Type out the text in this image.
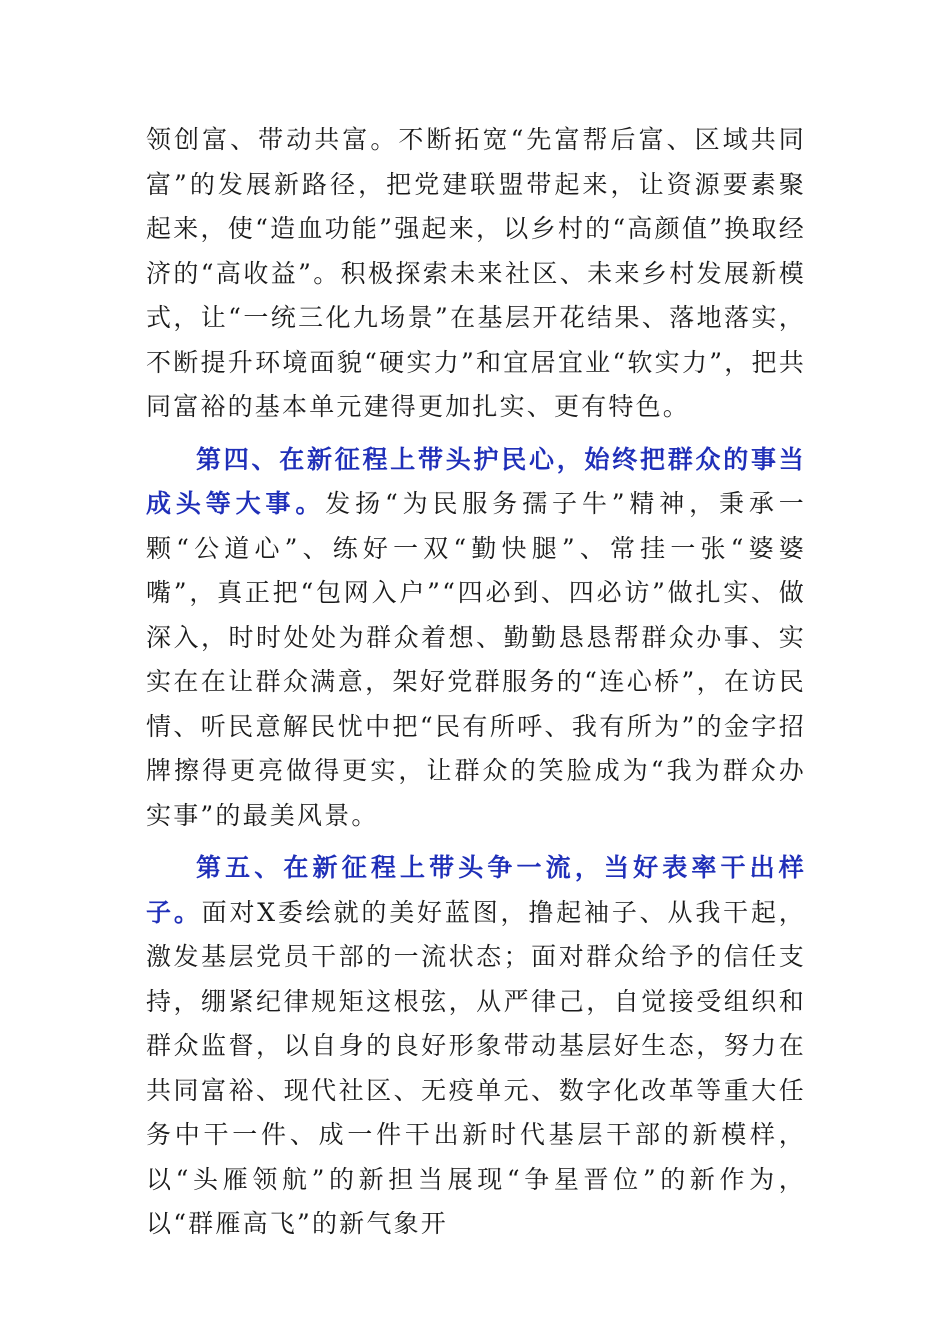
领创富、带动共富。不断拓宽“先富帮后富、区域共同富”的发展新路径，把党建联盟带起来，让资源要素聚起来，使“造血功能”强起来，以乡村的“高颜值”换取经济的“高收益”。积极探索未来社区、未来乡村发展新模式，让“一统三化九场景”在基层开花结果、落地落实，不断提升环境面貌“硬实力”和宜居宜业“软实力”，把共同富裕的基本单元建得更加扎实、更有特色。

第四、在新征程上带头护民心，始终把群众的事当成头等大事。发扬“为民服务孺子牛”精神，秉承一颗“公道心”、练好一双“勤快腿”、常挂一张“婆婆嘴”，真正把“包网入户”“四必到、四必访”做扎实、做深入，时时处处为群众着想、勤勤恳恳帮群众办事、实实在在让群众满意，架好党群服务的“连心桥”，在访民情、听民意解民忧中把“民有所呼、我有所为”的金字招牌擦得更亮做得更实，让群众的笑脸成为“我为群众办实事”的最美风景。

第五、在新征程上带头争一流，当好表率干出样子。面对X委绘就的美好蓝图，撸起袖子、从我干起，激发基层党员干部的一流状态；面对群众给予的信任支持，绷紧纪律规矩这根弦，从严律己，自觉接受组织和群众监督，以自身的良好形象带动基层好生态，努力在共同富裕、现代社区、无疫单元、数字化改革等重大任务中干一件、成一件干出新时代基层干部的新模样，以“头雁领航”的新担当展现“争星晋位”的新作为，以“群雁高飞”的新气象开
